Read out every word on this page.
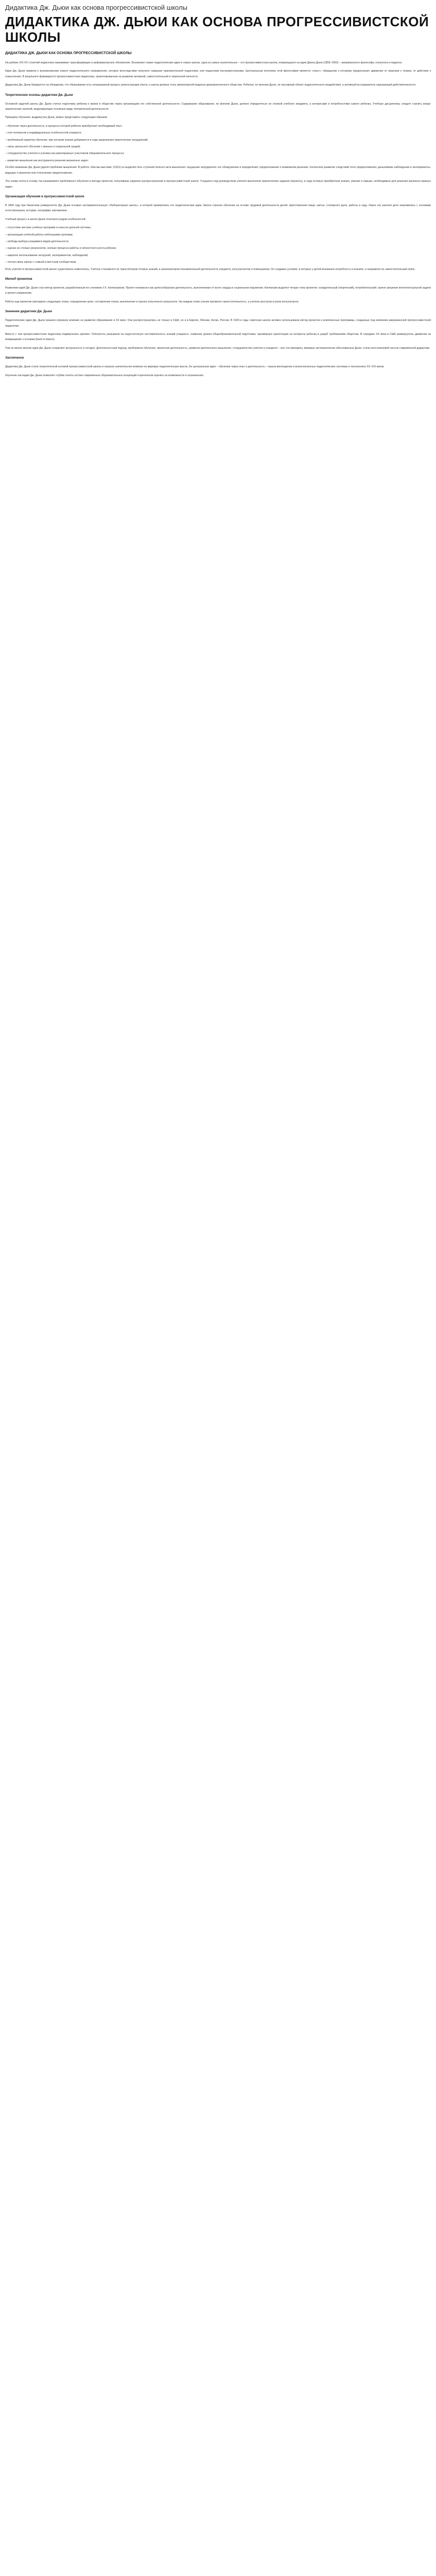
Дидактика Дж. Дьюи как основа прогрессивистской школы
ДИДАКТИКА ДЖ. ДЬЮИ КАК ОСНОВА ПРОГРЕССИВИСТСКОЙ ШКОЛЫ
ДИДАКТИКА ДЖ. ДЬЮИ КАК ОСНОВА ПРОГРЕССИВИСТСКОЙ ШКОЛЫ
На рубеже XIX-XX столетий педагогика переживает трансформацию и реформаторское обновление. Возникают новые педагогические идеи и новые школы, одна из самых значительных – это прогрессивистская школа, опирающаяся на идеи Джона Дьюи (1859–1952) – американского философа, психолога и педагога.
Идеи Дж. Дьюи привели к возникновению нового педагогического направления, которое впоследствии получило название прагматической педагогики, или педагогики инструментализма. Центральным понятием этой философии является «опыт», обращение к которому предполагает движение от практики к теории, от действия к осмыслению. В результате формируется прогрессивистская педагогика, ориентированная на развитие активной, самостоятельной и творческой личности.
Дидактика Дж. Дьюи базируется на убеждении, что образование есть непрерывный процесс реконструкции опыта, а школа должна стать миниатюрной моделью демократического общества. Ребенок, по мнению Дьюи, не пассивный объект педагогического воздействия, а активный исследователь окружающей действительности.
Теоретические основы дидактики Дж. Дьюи
Основной задачей школы Дж. Дьюи считал подготовку ребенка к жизни в обществе через организацию его собственной деятельности. Содержание образования, по мнению Дьюи, должно определяться не логикой учебного предмета, а интересами и потребностями самого ребенка. Учебные дисциплины следует строить вокруг практических занятий, моделирующих основные виды человеческой деятельности.
Принципы обучения, выдвинутые Дьюи, можно представить следующим образом:
– обучение через деятельность, в процессе которой ребенок приобретает необходимый опыт;
– учет интересов и индивидуальных особенностей учащихся;
– проблемный характер обучения, при котором знания добываются в ходе разрешения практических затруднений;
– связь школьного обучения с жизнью и социальной средой;
– сотрудничество учителя и ученика как равноправных участников образовательного процесса;
– развитие мышления как инструмента решения жизненных задач.
Особое внимание Дж. Дьюи уделял проблеме мышления. В работе «Как мы мыслим» (1910) он выделил пять ступеней полного акта мышления: ощущение затруднения; его обнаружение и определение; предположение о возможном решении; логическое развитие следствий этого предположения; дальнейшие наблюдения и эксперименты, ведущие к принятию или отклонению предположения.
Эта схема легла в основу так называемого проблемного обучения и метода проектов, получивших широкое распространение в прогрессивистской школе. Учащиеся под руководством учителя выполняли практические задания (проекты), в ходе которых приобретали знания, умения и навыки, необходимые для решения жизненно важных задач.
Организация обучения в прогрессивистской школе
В 1896 году при Чикагском университете Дж. Дьюи основал экспериментальную «Лабораторную школу», в которой проверялись его педагогические идеи. Школа строила обучение на основе трудовой деятельности детей: приготовления пищи, шитья, столярного дела, работы в саду. Через эти занятия дети знакомились с основами естествознания, истории, географии, математики.
Учебный процесс в школе Дьюи отличался рядом особенностей:
– отсутствие жестких учебных программ и классно-урочной системы;
– организация учебной работы небольшими группами;
– свобода выбора учащимися видов деятельности;
– оценка не столько результатов, сколько процесса работы и личностного роста ребенка;
– широкое использование экскурсий, экспериментов, наблюдений;
– тесная связь школы с семьей и местным сообществом.
Роль учителя в прогрессивистской школе существенно изменялась. Учитель становился не транслятором готовых знаний, а организатором познавательной деятельности учащихся, консультантом и помощником. Он создавал условия, в которых у детей возникала потребность в знаниях, и направлял их самостоятельный поиск.
Метод проектов
Развитием идей Дж. Дьюи стал метод проектов, разработанный его учеником У.Х. Килпатриком. Проект понимался как целесообразная деятельность, выполняемая от всего сердца в социальном окружении. Килпатрик выделял четыре типа проектов: созидательный (творческий), потребительский, проект решения интеллектуальной задачи и проект-упражнение.
Работа над проектом проходила следующие этапы: определение цели, составление плана, выполнение и оценка полученного результата. На каждом этапе ученик проявлял самостоятельность, а учитель выступал в роли консультанта.
Значение дидактики Дж. Дьюи
Педагогические идеи Дж. Дьюи оказали огромное влияние на развитие образования в XX веке. Они распространились не только в США, но и в Европе, Японии, Китае, России. В 1920-е годы советская школа активно использовала метод проектов и комплексные программы, созданные под влиянием американской прогрессивистской педагогики.
Вместе с тем прогрессивистская педагогика подвергалась критике. Оппоненты указывали на недостаточную систематичность знаний учащихся, снижение уровня общеобразовательной подготовки, чрезмерную ориентацию на интересы ребенка в ущерб требованиям общества. В середине XX века в США развернулось движение за возвращение к основам (back to basics).
Тем не менее многие идеи Дж. Дьюи сохраняют актуальность и сегодня. Деятельностный подход, проблемное обучение, проектная деятельность, развитие критического мышления, сотрудничество учителя и учащихся – все эти принципы, впервые систематически обоснованные Дьюи, стали неотъемлемой частью современной дидактики.
Заключение
Дидактика Дж. Дьюи стала теоретической основой прогрессивистской школы и оказала значительное влияние на мировую педагогическую мысль. Ее центральная идея – обучение через опыт и деятельность – нашла воплощение в многочисленных педагогических системах и технологиях XX–XXI веков.
Изучение наследия Дж. Дьюи позволяет глубже понять истоки современных образовательных концепций и критически оценить их возможности и ограничения.
